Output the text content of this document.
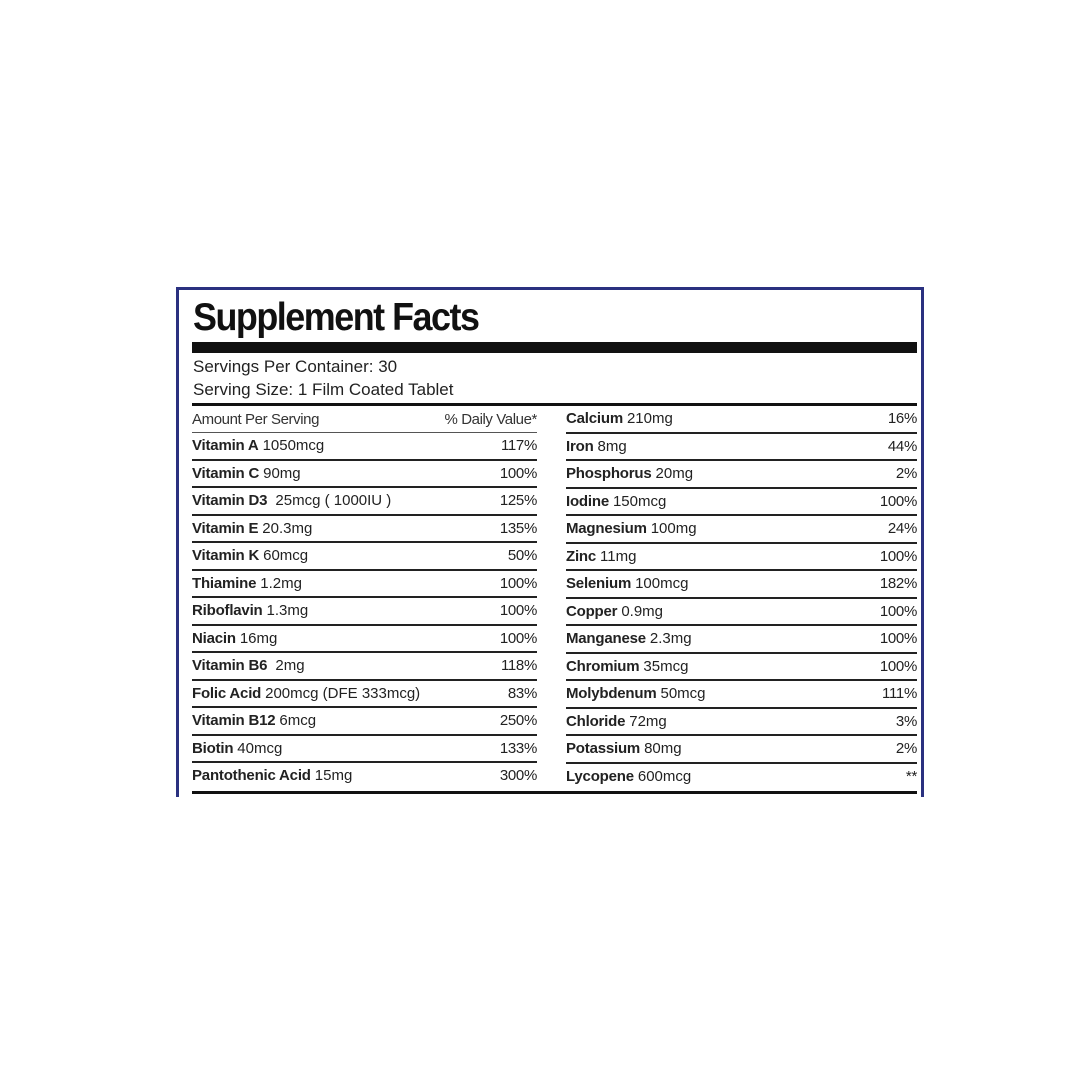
Supplement Facts
Servings Per Container: 30
Serving Size: 1 Film Coated Tablet
Amount Per Serving	% Daily Value*
Vitamin A 1050mcg	117%
Vitamin C 90mg	100%
Vitamin D3 25mcg ( 1000IU )	125%
Vitamin E 20.3mg	135%
Vitamin K 60mcg	50%
Thiamine 1.2mg	100%
Riboflavin 1.3mg	100%
Niacin 16mg	100%
Vitamin B6 2mg	118%
Folic Acid 200mcg (DFE 333mcg)	83%
Vitamin B12 6mcg	250%
Biotin 40mcg	133%
Pantothenic Acid 15mg	300%
Calcium 210mg	16%
Iron 8mg	44%
Phosphorus 20mg	2%
Iodine 150mcg	100%
Magnesium 100mg	24%
Zinc 11mg	100%
Selenium 100mcg	182%
Copper 0.9mg	100%
Manganese 2.3mg	100%
Chromium 35mcg	100%
Molybdenum 50mcg	111%
Chloride 72mg	3%
Potassium 80mg	2%
Lycopene 600mcg	**
